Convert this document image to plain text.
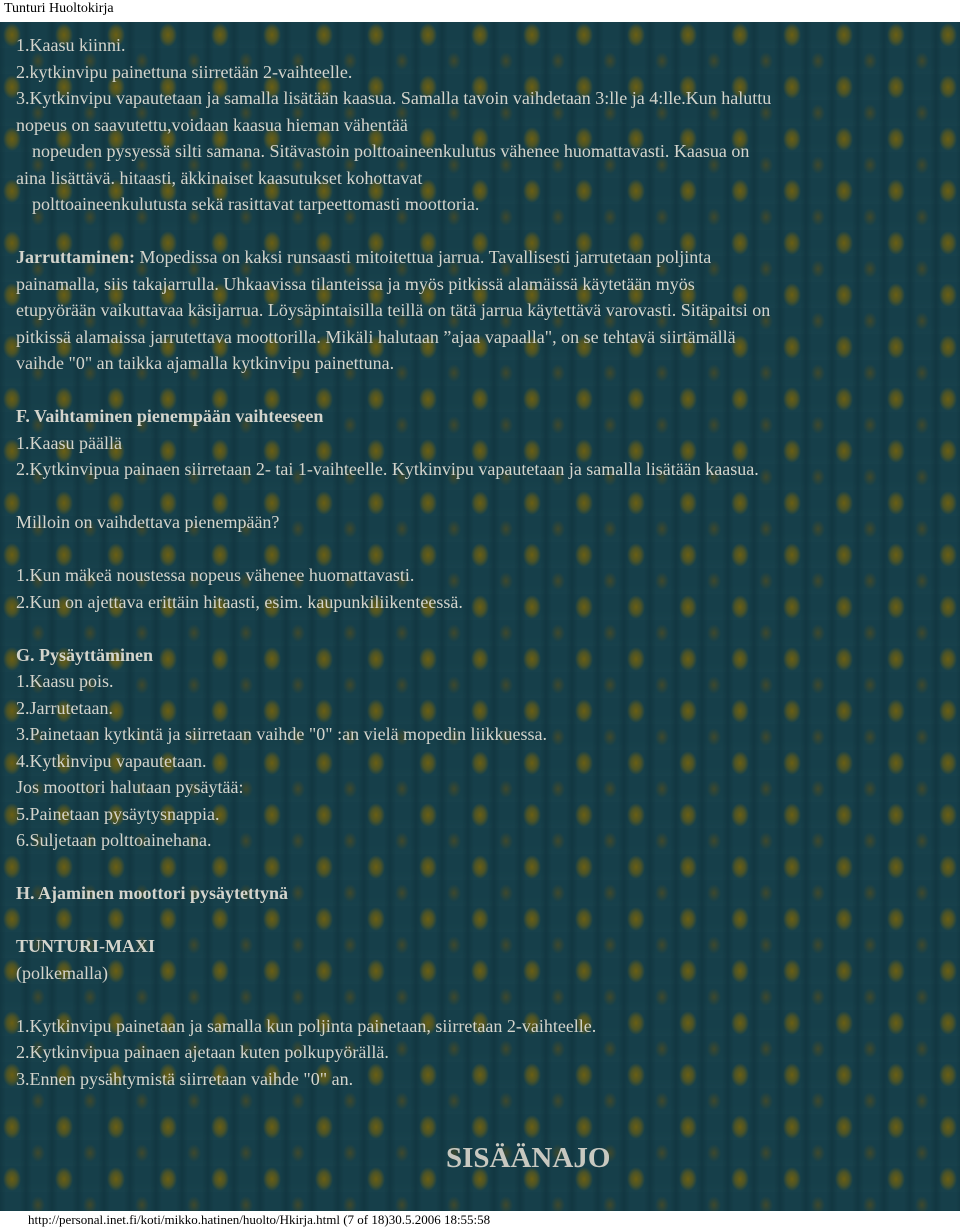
Tunturi Huoltokirja

1.Kaasu kiinni.

2.kytkinvipu painettuna siirretään 2-vaihteelle.

3.Kytkinvipu vapautetaan ja samalla lisätään kaasua. Samalla tavoin vaihdetaan 3:lle ja 4:lle.Kun haluttu

nopeus on saavutettu,voidaan kaasua hieman vähentää

nopeuden pysyessä silti samana. Sitävastoin polttoaineenkulutus vähenee huomattavasti. Kaasua on

aina lisättävä. hitaasti, äkkinaiset kaasutukset kohottavat

polttoaineenkulutusta sekä rasittavat tarpeettomasti moottoria.

Jarruttaminen: Mopedissa on kaksi runsaasti mitoitettua jarrua. Tavallisesti jarrutetaan poljinta

painamalla, siis takajarrulla. Uhkaavissa tilanteissa ja myös pitkissä alamäissä käytetään myös

etupyörään vaikuttavaa käsijarrua. Löysäpintaisilla teillä on tätä jarrua käytettävä varovasti. Sitäpaitsi on

pitkissä alamaissa jarrutettava moottorilla. Mikäli halutaan ”ajaa vapaalla", on se tehtavä siirtämällä

vaihde "0" an taikka ajamalla kytkinvipu painettuna.

F. Vaihtaminen pienempään vaihteeseen

1.Kaasu päällä

2.Kytkinvipua painaen siirretaan 2- tai 1-vaihteelle. Kytkinvipu vapautetaan ja samalla lisätään kaasua.

Milloin on vaihdettava pienempään?

1.Kun mäkeä noustessa nopeus vähenee huomattavasti.

2.Kun on ajettava erittäin hitaasti, esim. kaupunkiliikenteessä.

G. Pysäyttäminen

1.Kaasu pois.

2.Jarrutetaan.

3.Painetaan kytkintä ja siirretaan vaihde "0" :an vielä mopedin liikkuessa.

4.Kytkinvipu vapautetaan.

Jos moottori halutaan pysäytää:

5.Painetaan pysäytysnappia.

6.Suljetaan polttoainehana.

H. Ajaminen moottori pysäytettynä

TUNTURI-MAXI

(polkemalla)

1.Kytkinvipu painetaan ja samalla kun poljinta painetaan, siirretaan 2-vaihteelle.

2.Kytkinvipua painaen ajetaan kuten polkupyörällä.

3.Ennen pysähtymistä siirretaan vaihde "0" an.

SISÄÄNAJO
http://personal.inet.fi/koti/mikko.hatinen/huolto/Hkirja.html (7 of 18)30.5.2006 18:55:58
